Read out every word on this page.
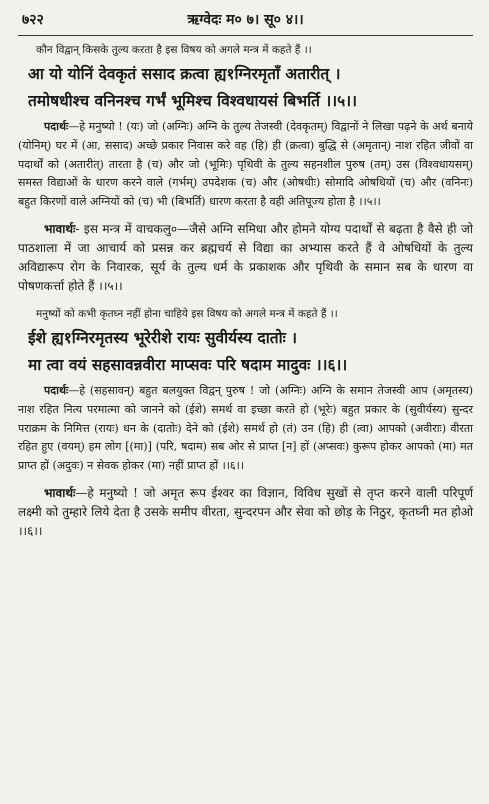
७२२	ऋग्वेदः म० ७। सू० ४।।
कौन विद्वान् किसके तुल्य करता है इस विषय को अगले मन्त्र में कहते हैं ।।
आ यो योनिं देवकृतं ससाद क्रत्वा ह्य१ग्निरमृताँ अतारीत् ।
तमोषधीश्च वनिनश्च गर्भं भूमिश्च विश्वधायसं बिभर्ति ।।५।।

पदार्थः—हे मनुष्यो ! (यः) जो (अग्निः) अग्नि के तुल्य तेजस्वी (देवकृतम्) विद्वानों ने लिखा पढ़ने के अर्थ बनाये (योनिम्) घर में (आ, ससाद) अच्छे प्रकार निवास करे वह (हि) ही (क्रत्वा) बुद्धि से (अमृतान्) नाश रहित जीवों वा पदार्थों को (अतारीत्) तारता है (च) और जो (भूमिः) पृथिवी के तुल्य सहनशील पुरुष (तम्) उस (विश्वधायसम्) समस्त विद्याओं के धारण करने वाले (गर्भम्) उपदेशक (च) और (ओषधीः) सोमादि ओषधियों (च) और (वनिनः) बहुत किरणों वाले अग्नियों को (च) भी (बिभर्ति) धारण करता है वही अतिपूज्य होता है ।।५।।

भावार्थः- इस मन्त्र में वाचकलु०—जैसे अग्नि समिधा और होमने योग्य पदार्थों से बढ़ता है वैसे ही जो पाठशाला में जा आचार्य को प्रसन्न कर ब्रह्मचर्य से विद्या का अभ्यास करते हैं वे ओषधियों के तुल्य अविद्यारूप रोग के निवारक, सूर्य के तुल्य धर्म के प्रकाशक और पृथिवी के समान सब के धारण वा पोषणकर्त्ता होते हैं ।।५।।

मनुष्यों को कभी कृतघ्न नहीं होना चाहिये इस विषय को अगले मन्त्र में कहते हैं ।।
ईशे ह्य१ग्निरमृतस्य भूरेरीशे रायः सुवीर्यस्य दातोः ।
मा त्वा वयं सहसावन्नवीरा माप्सवः परि षदाम मादुवः ।।६।।

पदार्थः—हे (सहसावन्) बहुत बलयुक्त विद्वन् पुरुष ! जो (अग्निः) अग्नि के समान तेजस्वी आप (अमृतस्य) नाश रहित नित्य परमात्मा को जानने को (ईशे) समर्थ वा इच्छा करते हो (भूरेः) बहुत प्रकार के (सुवीर्यस्य) सुन्दर पराक्रम के निमित्त (रायः) धन के (दातोः) देने को (ईशे) समर्थ हो (तं) उन (हि) ही (त्वा) आपको (अवीराः) वीरता रहित हुए (वयम्) हम लोग [(मा)] (परि, षदाम) सब ओर से प्राप्त [न] हों (अप्सवः) कुरूप होकर आपको (मा) मत प्राप्त हों (अदुवः) न सेवक होकर (मा) नहीं प्राप्त हों ।।६।।

भावार्थः—हे मनुष्यो ! जो अमृत रूप ईश्वर का विज्ञान, विविध सुखों से तृप्त करने वाली परिपूर्ण लक्ष्मी को तुम्हारे लिये देता है उसके समीप वीरता, सुन्दरपन और सेवा को छोड़ के निठुर, कृतघ्नी मत होओ ।।६।।
